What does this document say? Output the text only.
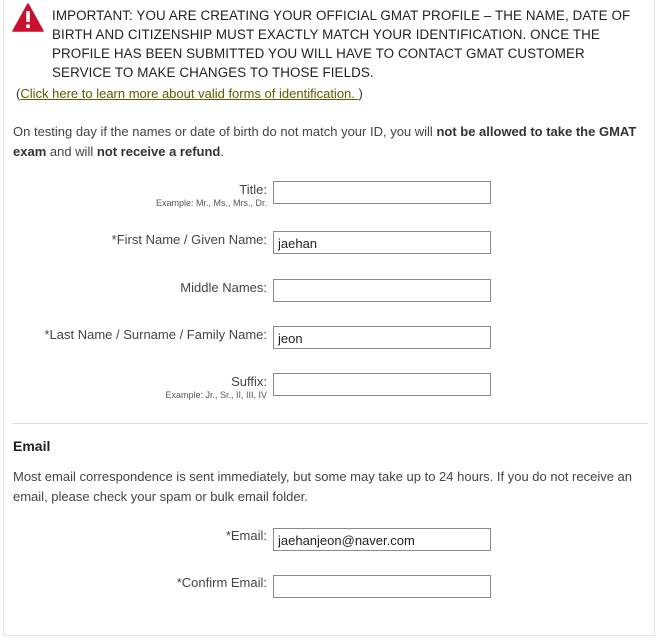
IMPORTANT: YOU ARE CREATING YOUR OFFICIAL GMAT PROFILE – THE NAME, DATE OF BIRTH AND CITIZENSHIP MUST EXACTLY MATCH YOUR IDENTIFICATION. ONCE THE PROFILE HAS BEEN SUBMITTED YOU WILL HAVE TO CONTACT GMAT CUSTOMER SERVICE TO MAKE CHANGES TO THOSE FIELDS.
(Click here to learn more about valid forms of identification. )
On testing day if the names or date of birth do not match your ID, you will not be allowed to take the GMAT exam and will not receive a refund.
Title:
Example: Mr., Ms., Mrs., Dr.
*First Name / Given Name:
jaehan
Middle Names:
*Last Name / Surname / Family Name:
jeon
Suffix:
Example: Jr., Sr., II, III, IV
Email
Most email correspondence is sent immediately, but some may take up to 24 hours. If you do not receive an email, please check your spam or bulk email folder.
*Email:
jaehanjeon@naver.com
*Confirm Email:
